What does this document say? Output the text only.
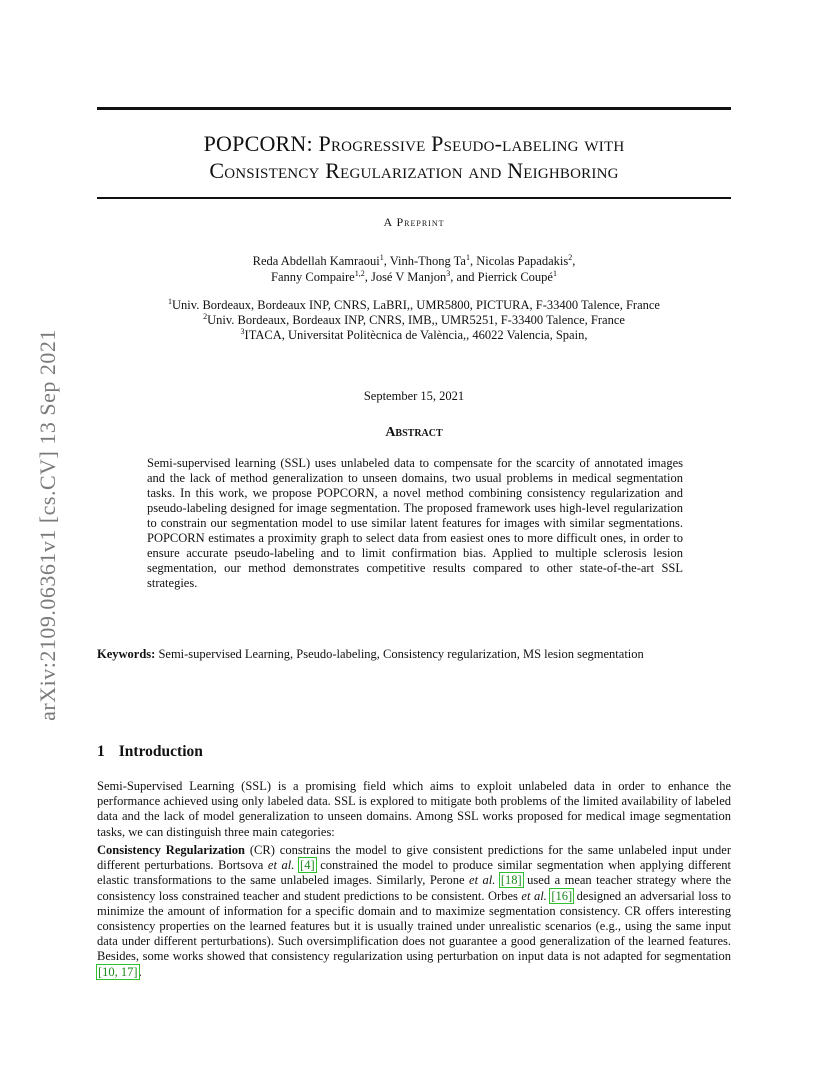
arXiv:2109.06361v1 [cs.CV] 13 Sep 2021
POPCORN: Progressive Pseudo-labeling with
Consistency Regularization and Neighboring
A Preprint
Reda Abdellah Kamraoui$^1$, Vinh-Thong Ta$^1$, Nicolas Papadakis$^2$,
Fanny Compaire$^{1,2}$, José V Manjon$^3$, and Pierrick Coupé$^1$
$^1$Univ. Bordeaux, Bordeaux INP, CNRS, LaBRI,, UMR5800, PICTURA, F-33400 Talence, France
$^2$Univ. Bordeaux, Bordeaux INP, CNRS, IMB,, UMR5251, F-33400 Talence, France
$^3$ITACA, Universitat Politècnica de València,, 46022 Valencia, Spain,
September 15, 2021
Abstract
Semi-supervised learning (SSL) uses unlabeled data to compensate for the scarcity of annotated images and the lack of method generalization to unseen domains, two usual problems in medical segmentation tasks. In this work, we propose POPCORN, a novel method combining consistency regularization and pseudo-labeling designed for image segmentation. The proposed framework uses high-level regularization to constrain our segmentation model to use similar latent features for images with similar segmentations. POPCORN estimates a proximity graph to select data from easiest ones to more difficult ones, in order to ensure accurate pseudo-labeling and to limit confirmation bias. Applied to multiple sclerosis lesion segmentation, our method demonstrates competitive results compared to other state-of-the-art SSL strategies.
Keywords: Semi-supervised Learning, Pseudo-labeling, Consistency regularization, MS lesion segmentation
1 Introduction
Semi-Supervised Learning (SSL) is a promising field which aims to exploit unlabeled data in order to enhance the performance achieved using only labeled data. SSL is explored to mitigate both problems of the limited availability of labeled data and the lack of model generalization to unseen domains. Among SSL works proposed for medical image segmentation tasks, we can distinguish three main categories:
Consistency Regularization (CR) constrains the model to give consistent predictions for the same unlabeled input under different perturbations. Bortsova et al. [4] constrained the model to produce similar segmentation when applying different elastic transformations to the same unlabeled images. Similarly, Perone et al. [18] used a mean teacher strategy where the consistency loss constrained teacher and student predictions to be consistent. Orbes et al. [16] designed an adversarial loss to minimize the amount of information for a specific domain and to maximize segmentation consistency. CR offers interesting consistency properties on the learned features but it is usually trained under unrealistic scenarios (e.g., using the same input data under different perturbations). Such oversimplification does not guarantee a good generalization of the learned features. Besides, some works showed that consistency regularization using perturbation on input data is not adapted for segmentation [10, 17].
